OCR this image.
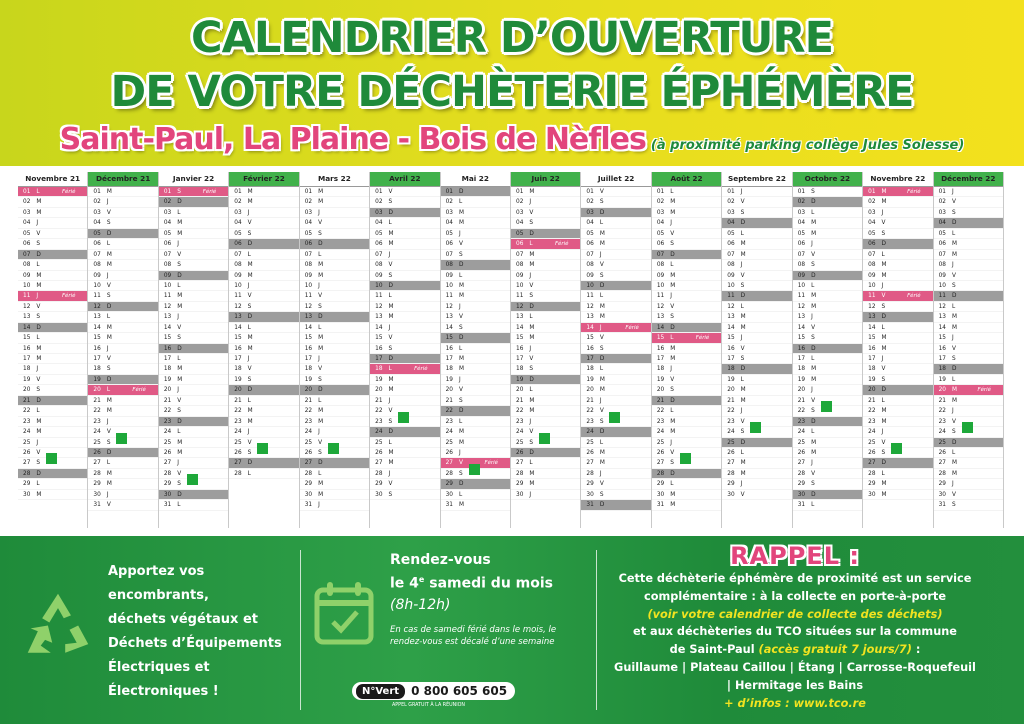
CALENDRIER D’OUVERTURE
DE VOTRE DÉCHÈTERIE ÉPHÉMÈRE
Saint-Paul, La Plaine - Bois de Nèfles (à proximité parking collège Jules Solesse)
Novembre 21
01 L	Férié
02 M
03 M
04 J
05 V
06 S
07 D
08 L
09 M
10 M
11 J	Férié
12 V
13 S
14 D
15 L
16 M
17 M
18 J
19 V
20 S
21 D
22 L
23 M
24 M
25 J
26 V
27 S
28 D
29 L
30 M
Décembre 21
01 M
02 J
03 V
04 S
05 D
06 L
07 M
08 M
09 J
10 V
11 S
12 D
13 L
14 M
15 M
16 J
17 V
18 S
19 D
20 L	Férié
21 M
22 M
23 J
24 V
25 S
26 D
27 L
28 M
29 M
30 J
31 V
Janvier 22
01 S	Férié
02 D
03 L
04 M
05 M
06 J
07 V
08 S
09 D
10 L
11 M
12 M
13 J
14 V
15 S
16 D
17 L
18 M
19 M
20 J
21 V
22 S
23 D
24 L
25 M
26 M
27 J
28 V
29 S
30 D
31 L
Février 22
01 M
02 M
03 J
04 V
05 S
06 D
07 L
08 M
09 M
10 J
11 V
12 S
13 D
14 L
15 M
16 M
17 J
18 V
19 S
20 D
21 L
22 M
23 M
24 J
25 V
26 S
27 D
28 L
Mars 22
01 M
02 M
03 J
04 V
05 S
06 D
07 L
08 M
09 M
10 J
11 V
12 S
13 D
14 L
15 M
16 M
17 J
18 V
19 S
20 D
21 L
22 M
23 M
24 J
25 V
26 S
27 D
28 L
29 M
30 M
31 J
Avril 22
01 V
02 S
03 D
04 L
05 M
06 M
07 J
08 V
09 S
10 D
11 L
12 M
13 M
14 J
15 V
16 S
17 D
18 L	Férié
19 M
20 M
21 J
22 V
23 S
24 D
25 L
26 M
27 M
28 J
29 V
30 S
Mai 22
01 D
02 L
03 M
04 M
05 J
06 V
07 S
08 D
09 L
10 M
11 M
12 J
13 V
14 S
15 D
16 L
17 M
18 M
19 J
20 V
21 S
22 D
23 L
24 M
25 M
26 J
27 V	Férié
28 S
29 D
30 L
31 M
Juin 22
01 M
02 J
03 V
04 S
05 D
06 L	Férié
07 M
08 M
09 J
10 V
11 S
12 D
13 L
14 M
15 M
16 J
17 V
18 S
19 D
20 L
21 M
22 M
23 J
24 V
25 S
26 D
27 L
28 M
29 M
30 J
Juillet 22
01 V
02 S
03 D
04 L
05 M
06 M
07 J
08 V
09 S
10 D
11 L
12 M
13 M
14 J	Férié
15 V
16 S
17 D
18 L
19 M
20 M
21 J
22 V
23 S
24 D
25 L
26 M
27 M
28 J
29 V
30 S
31 D
Août 22
01 L
02 M
03 M
04 J
05 V
06 S
07 D
08 L
09 M
10 M
11 J
12 V
13 S
14 D
15 L	Férié
16 M
17 M
18 J
19 V
20 S
21 D
22 L
23 M
24 M
25 J
26 V
27 S
28 D
29 L
30 M
31 M
Septembre 22
01 J
02 V
03 S
04 D
05 L
06 M
07 M
08 J
09 V
10 S
11 D
12 L
13 M
14 M
15 J
16 V
17 S
18 D
19 L
20 M
21 M
22 J
23 V
24 S
25 D
26 L
27 M
28 M
29 J
30 V
Octobre 22
01 S
02 D
03 L
04 M
05 M
06 J
07 V
08 S
09 D
10 L
11 M
12 M
13 J
14 V
15 S
16 D
17 L
18 M
19 M
20 J
21 V
22 S
23 D
24 L
25 M
26 M
27 J
28 V
29 S
30 D
31 L
Novembre 22
01 M	Férié
02 M
03 J
04 V
05 S
06 D
07 L
08 M
09 M
10 J
11 V	Férié
12 S
13 D
14 L
15 M
16 M
17 J
18 V
19 S
20 D
21 L
22 M
23 M
24 J
25 V
26 S
27 D
28 L
29 M
30 M
Décembre 22
01 J
02 V
03 S
04 D
05 L
06 M
07 M
08 J
09 V
10 S
11 D
12 L
13 M
14 M
15 J
16 V
17 S
18 D
19 L
20 M	Férié
21 M
22 J
23 V
24 S
25 D
26 L
27 M
28 M
29 J
30 V
31 S
Apportez vos
encombrants,
déchets végétaux et
Déchets d’Équipements
Électriques et
Électroniques !
Rendez-vous
le 4e samedi du mois
(8h-12h)
En cas de samedi férié dans le mois, le rendez-vous est décalé d’une semaine
N°Vert	0 800 605 605
APPEL GRATUIT À LA RÉUNION
RAPPEL :
Cette déchèterie éphémère de proximité est un service
complémentaire : à la collecte en porte-à-porte
(voir votre calendrier de collecte des déchets)
et aux déchèteries du TCO situées sur la commune
de Saint-Paul (accès gratuit 7 jours/7) :
Guillaume | Plateau Caillou | Étang | Carrosse-Roquefeuil
| Hermitage les Bains
+ d’infos : www.tco.re
